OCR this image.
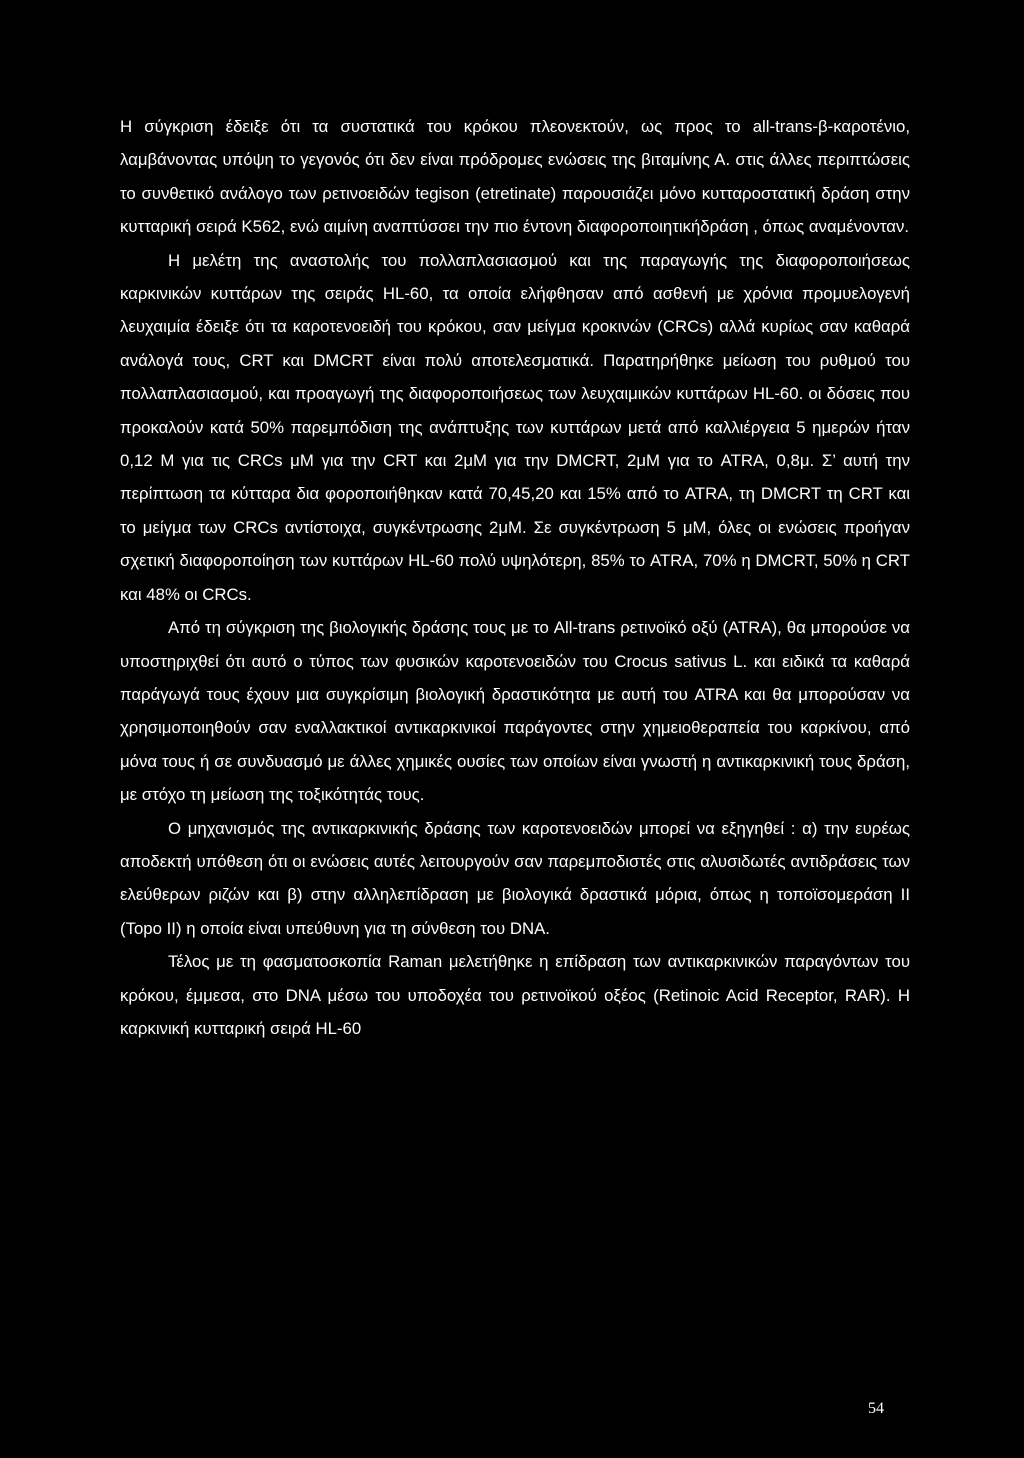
Η σύγκριση έδειξε ότι τα συστατικά του κρόκου πλεονεκτούν, ως προς το all-trans-β-καροτένιο, λαμβάνοντας υπόψη το γεγονός ότι δεν είναι πρόδρομες ενώσεις της βιταμίνης Α. στις άλλες περιπτώσεις το συνθετικό ανάλογο των ρετινοειδών tegison (etretinate) παρουσιάζει μόνο κυτταροστατική δράση στην κυτταρική σειρά Κ562, ενώ αιμίνη αναπτύσσει την πιο έντονη διαφοροποιητικήδράση , όπως αναμένονταν.

Η μελέτη της αναστολής του πολλαπλασιασμού και της παραγωγής της διαφοροποιήσεως καρκινικών κυττάρων της σειράς HL-60, τα οποία ελήφθησαν από ασθενή με χρόνια προμυελογενή λευχαιμία έδειξε ότι τα καροτενοειδή του κρόκου, σαν μείγμα κροκινών (CRCs) αλλά κυρίως σαν καθαρά ανάλογά τους, CRT και DMCRT είναι πολύ αποτελεσματικά. Παρατηρήθηκε μείωση του ρυθμού του πολλαπλασιασμού, και προαγωγή της διαφοροποιήσεως των λευχαιμικών κυττάρων HL-60. οι δόσεις που προκαλούν κατά 50% παρεμπόδιση της ανάπτυξης των κυττάρων μετά από καλλιέργεια 5 ημερών ήταν 0,12 M για τις CRCs μM για την CRT και 2μM για την DMCRT, 2μM για το ATRA, 0,8μ. Σ’ αυτή την περίπτωση τα κύτταρα δια φοροποιήθηκαν κατά 70,45,20 και 15% από το ATRA, τη DMCRT τη CRT και το μείγμα των CRCs αντίστοιχα, συγκέντρωσης 2μM. Σε συγκέντρωση 5 μM, όλες οι ενώσεις προήγαν σχετική διαφοροποίηση των κυττάρων HL-60 πολύ υψηλότερη, 85% το ATRA, 70% η DMCRT, 50% η CRT και 48% οι CRCs.

Από τη σύγκριση της βιολογικής δράσης τους με το All-trans ρετινοϊκό οξύ (ATRA), θα μπορούσε να υποστηριχθεί ότι αυτό ο τύπος των φυσικών καροτενοειδών του Crocus sativus L. και ειδικά τα καθαρά παράγωγά τους έχουν μια συγκρίσιμη βιολογική δραστικότητα με αυτή του ATRA και θα μπορούσαν να χρησιμοποιηθούν σαν εναλλακτικοί αντικαρκινικοί παράγοντες στην χημειοθεραπεία του καρκίνου, από μόνα τους ή σε συνδυασμό με άλλες χημικές ουσίες των οποίων είναι γνωστή η αντικαρκινική τους δράση, με στόχο τη μείωση της τοξικότητάς τους.

Ο μηχανισμός της αντικαρκινικής δράσης των καροτενοειδών μπορεί να εξηγηθεί : α) την ευρέως αποδεκτή υπόθεση ότι οι ενώσεις αυτές λειτουργούν σαν παρεμποδιστές στις αλυσιδωτές αντιδράσεις των ελεύθερων ριζών και β) στην αλληλεπίδραση με βιολογικά δραστικά μόρια, όπως η τοποϊσομεράση II (Topo II) η οποία είναι υπεύθυνη για τη σύνθεση του DNA.

Τέλος με τη φασματοσκοπία Raman μελετήθηκε η επίδραση των αντικαρκινικών παραγόντων του κρόκου, έμμεσα, στο DNA μέσω του υποδοχέα του ρετινοϊκού οξέος (Retinoic Acid Receptor, RAR). Η καρκινική κυτταρική σειρά HL-60

54
